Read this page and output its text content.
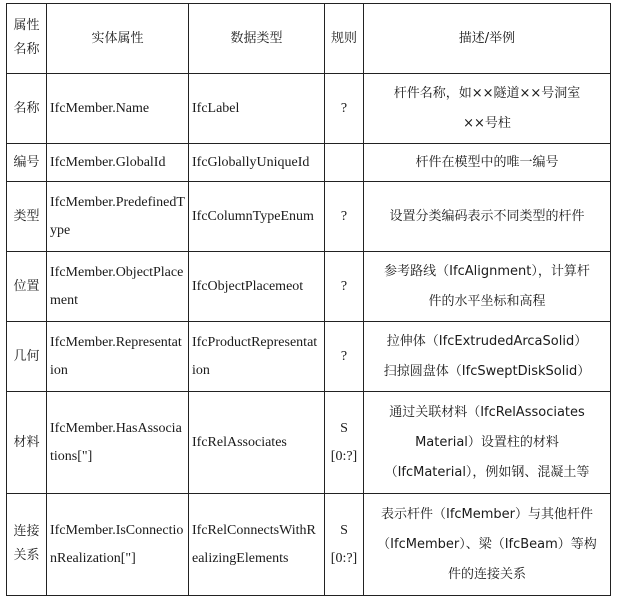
属性
名称	实体属性	数据类型	规则	描述/举例
名称	IfcMember.Name	IfcLabel	?	杆件名称，如××隧道××号洞室
××号柱
编号	IfcMember.GlobalId	IfcGloballyUniqueId		杆件在模型中的唯一编号
类型	IfcMember.PredefinedType	IfcColumnTypeEnum	?	设置分类编码表示不同类型的杆件
位置	IfcMember.ObjectPlacement	IfcObjectPlacemeot	?	参考路线（IfcAlignment），计算杆
件的水平坐标和高程
几何	IfcMember.Representation	IfcProductRepresentation	?	拉伸体（IfcExtrudedArcaSolid）
扫掠圆盘体（IfcSweptDiskSolid）
材料	IfcMember.HasAssociations["]	IfcRelAssociates	S[0:?]	通过关联材料（IfcRelAssociates
Material）设置柱的材料
（IfcMaterial），例如钢、混凝土等
连接
关系	IfcMember.IsConnectionRealization["]	IfcRelConnectsWithRealizingElements	S[0:?]	表示杆件（IfcMember）与其他杆件
（IfcMember）、梁（IfcBeam）等构
件的连接关系
